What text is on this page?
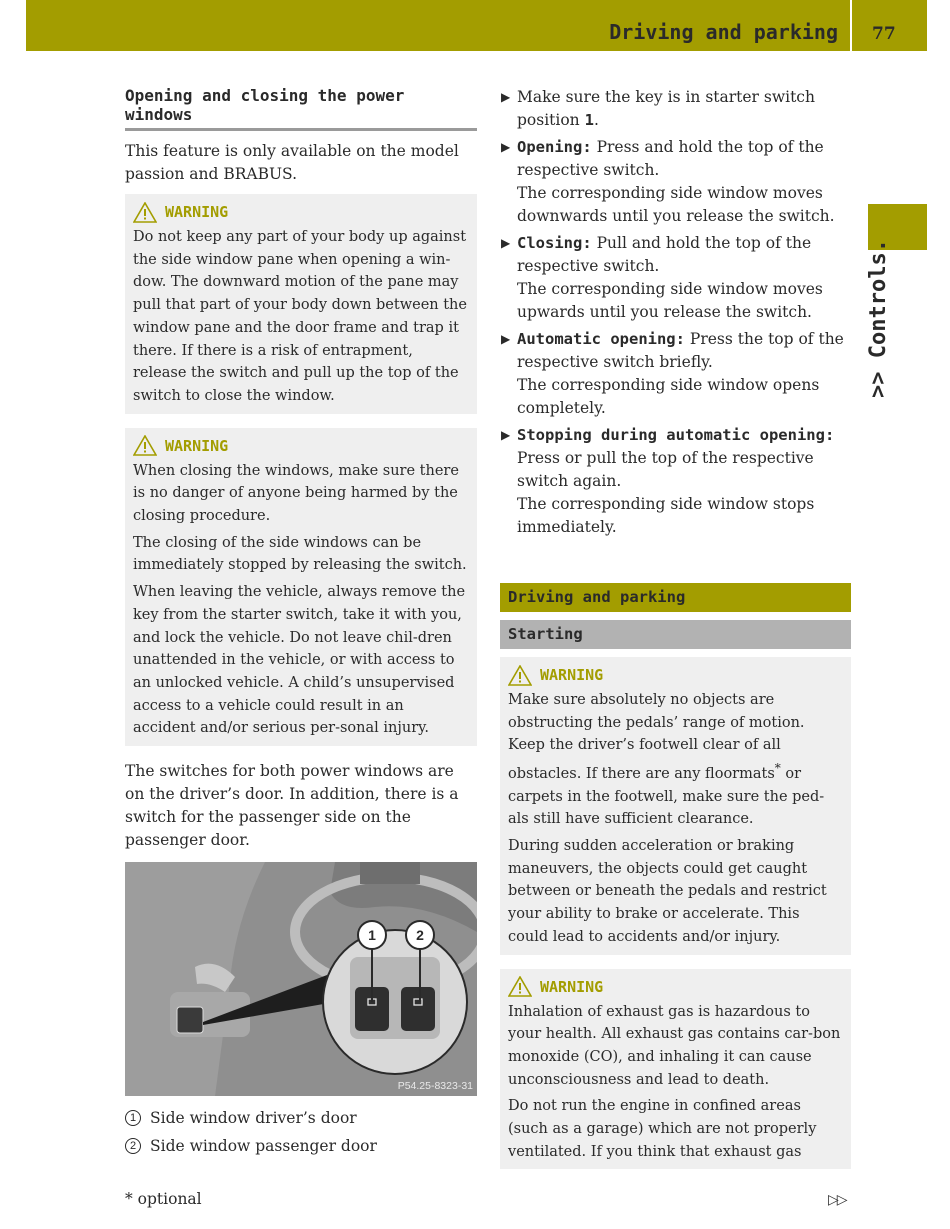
Driving and parking 77
>> Controls.
Opening and closing the power windows

This feature is only available on the model passion and BRABUS.

WARNING

Do not keep any part of your body up against the side window pane when opening a win-dow. The downward motion of the pane may pull that part of your body down between the window pane and the door frame and trap it there. If there is a risk of entrapment, release the switch and pull up the top of the switch to close the window.

WARNING

When closing the windows, make sure there is no danger of anyone being harmed by the closing procedure.

The closing of the side windows can be immediately stopped by releasing the switch.

When leaving the vehicle, always remove the key from the starter switch, take it with you, and lock the vehicle. Do not leave chil-dren unattended in the vehicle, or with access to an unlocked vehicle. A child’s unsupervised access to a vehicle could result in an accident and/or serious per-sonal injury.

The switches for both power windows are on the driver’s door. In addition, there is a switch for the passenger side on the passenger door.

1	2
P54.25-8323-31
1 Side window driver’s door
2 Side window passenger door
▶ Make sure the key is in starter switch position 1.
▶ Opening: Press and hold the top of the respective switch.
The corresponding side window moves downwards until you release the switch.
▶ Closing: Pull and hold the top of the respective switch.
The corresponding side window moves upwards until you release the switch.
▶ Automatic opening: Press the top of the respective switch briefly.
The corresponding side window opens completely.
▶ Stopping during automatic opening: Press or pull the top of the respective switch again.
The corresponding side window stops immediately.
Driving and parking
Starting
WARNING

Make sure absolutely no objects are obstructing the pedals’ range of motion. Keep the driver’s footwell clear of all obstacles. If there are any floormats* or carpets in the footwell, make sure the ped-als still have sufficient clearance.

During sudden acceleration or braking maneuvers, the objects could get caught between or beneath the pedals and restrict your ability to brake or accelerate. This could lead to accidents and/or injury.

WARNING

Inhalation of exhaust gas is hazardous to your health. All exhaust gas contains car-bon monoxide (CO), and inhaling it can cause unconsciousness and lead to death.

Do not run the engine in confined areas (such as a garage) which are not properly ventilated. If you think that exhaust gas

* optional	▷▷
